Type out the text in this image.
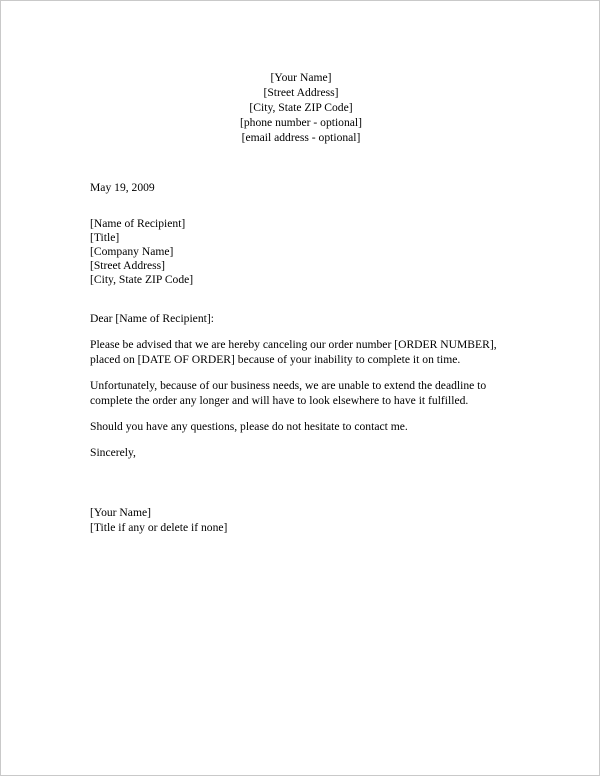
[Your Name]
[Street Address]
[City, State ZIP Code]
[phone number - optional]
[email address - optional]
May 19, 2009
[Name of Recipient]
[Title]
[Company Name]
[Street Address]
[City, State ZIP Code]
Dear [Name of Recipient]:
Please be advised that we are hereby canceling our order number [ORDER NUMBER],
placed on [DATE OF ORDER] because of your inability to complete it on time.
Unfortunately, because of our business needs, we are unable to extend the deadline to
complete the order any longer and will have to look elsewhere to have it fulfilled.
Should you have any questions, please do not hesitate to contact me.
Sincerely,
[Your Name]
[Title if any or delete if none]
